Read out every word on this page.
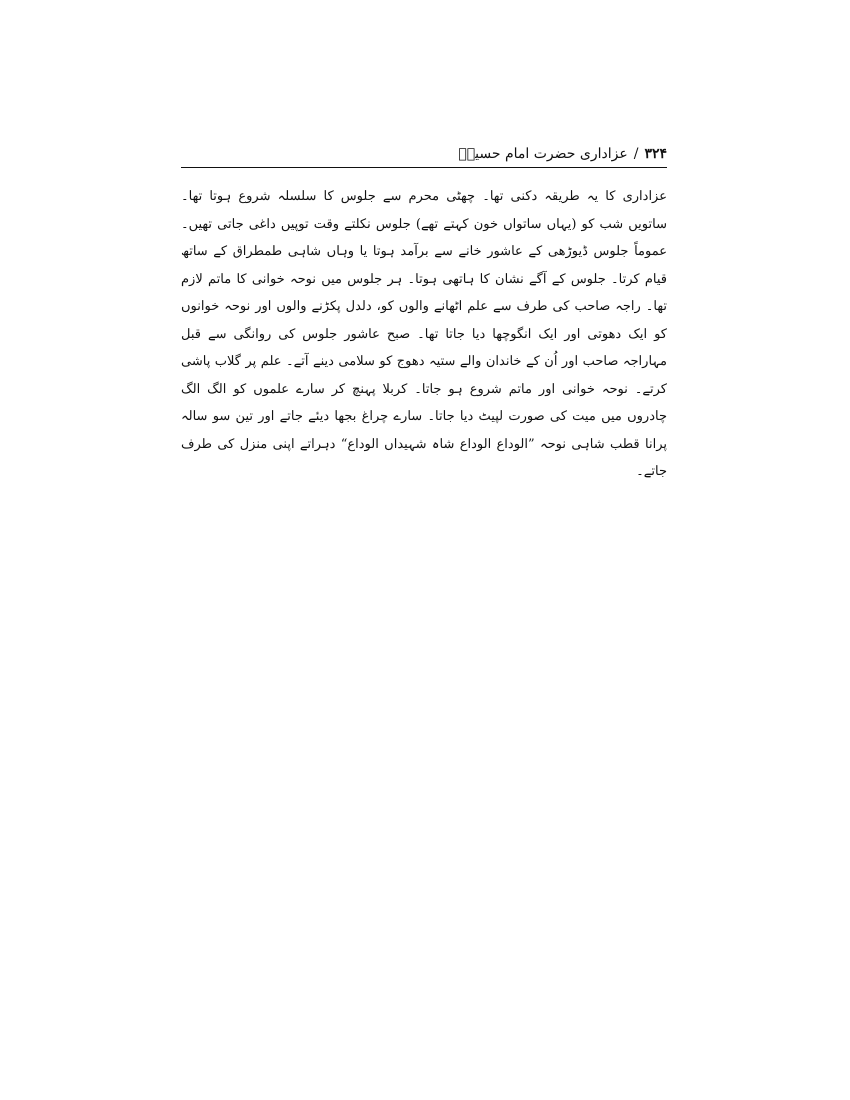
۳۲۴/عزاداری حضرت امام حسینؑ

عزاداری کا یہ طریقہ دکنی تھا۔ چھٹی محرم سے جلوس کا سلسلہ شروع ہوتا تھا۔ ساتویں شب کو (یہاں ساتواں خون کہتے تھے) جلوس نکلتے وقت توپیں داغی جاتی تھیں۔ عموماً جلوس ڈیوڑھی کے عاشور خانے سے برآمد ہوتا یا وہاں شاہی طمطراق کے ساتھ قیام کرتا۔ جلوس کے آگے نشان کا ہاتھی ہوتا۔ ہر جلوس میں نوحہ خوانی کا ماتم لازم تھا۔ راجہ صاحب کی طرف سے علم اٹھانے والوں کو، دلدل پکڑنے والوں اور نوحہ خوانوں کو ایک دھوتی اور ایک انگوچھا دیا جاتا تھا۔ صبح عاشور جلوس کی روانگی سے قبل مہاراجہ صاحب اور اُن کے خاندان والے ستیہ دھوج کو سلامی دینے آتے۔ علم پر گلاب پاشی کرتے۔ نوحہ خوانی اور ماتم شروع ہو جاتا۔ کربلا پہنچ کر سارے علموں کو الگ الگ چادروں میں میت کی صورت لپیٹ دیا جاتا۔ سارے چراغ بجھا دیئے جاتے اور تین سو سالہ پرانا قطب شاہی نوحہ ”الوداع الوداع شاہ شہیداں الوداع“ دہراتے اپنی منزل کی طرف جاتے۔
